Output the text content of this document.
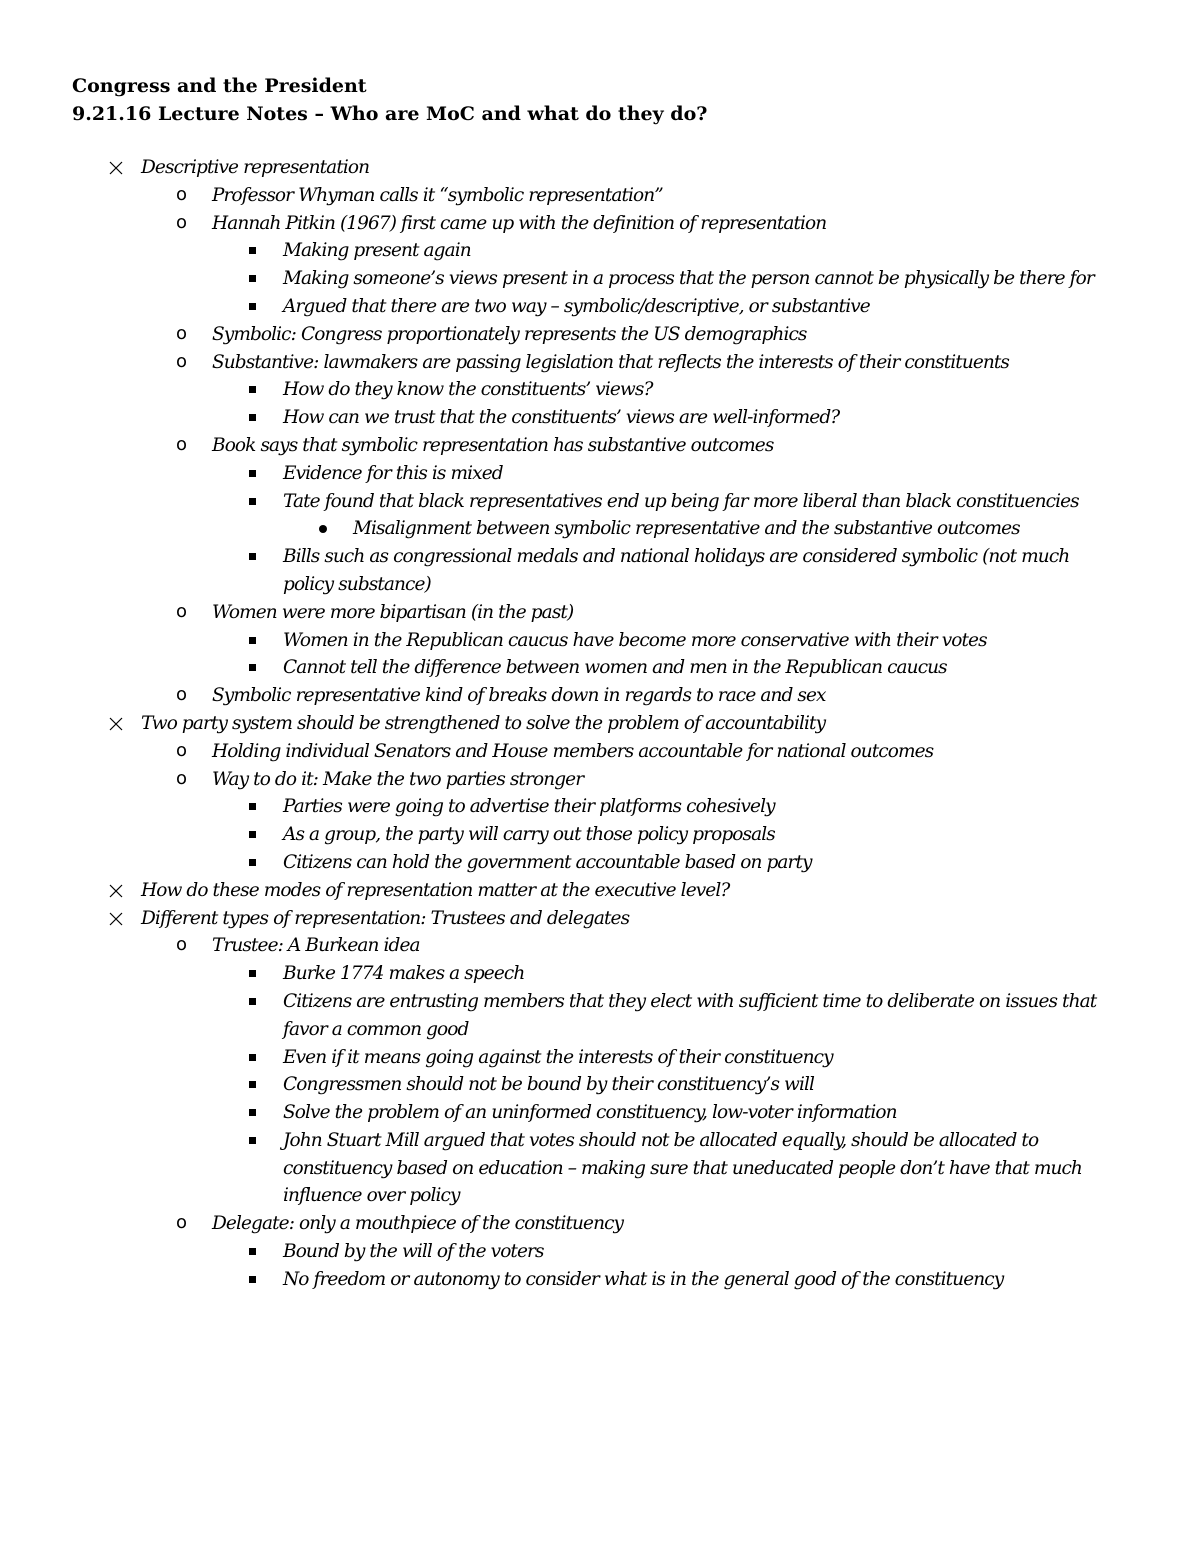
Congress and the President
9.21.16 Lecture Notes – Who are MoC and what do they do?
Descriptive representation
o Professor Whyman calls it “symbolic representation”
o Hannah Pitkin (1967) first came up with the definition of representation
Making present again
Making someone’s views present in a process that the person cannot be physically be there for
Argued that there are two way – symbolic/descriptive, or substantive
o Symbolic: Congress proportionately represents the US demographics
o Substantive: lawmakers are passing legislation that reflects the interests of their constituents
How do they know the constituents’ views?
How can we trust that the constituents’ views are well-informed?
o Book says that symbolic representation has substantive outcomes
Evidence for this is mixed
Tate found that black representatives end up being far more liberal than black constituencies
Misalignment between symbolic representative and the substantive outcomes
Bills such as congressional medals and national holidays are considered symbolic (not much policy substance)
o Women were more bipartisan (in the past)
Women in the Republican caucus have become more conservative with their votes
Cannot tell the difference between women and men in the Republican caucus
o Symbolic representative kind of breaks down in regards to race and sex
Two party system should be strengthened to solve the problem of accountability
o Holding individual Senators and House members accountable for national outcomes
o Way to do it: Make the two parties stronger
Parties were going to advertise their platforms cohesively
As a group, the party will carry out those policy proposals
Citizens can hold the government accountable based on party
How do these modes of representation matter at the executive level?
Different types of representation: Trustees and delegates
o Trustee: A Burkean idea
Burke 1774 makes a speech
Citizens are entrusting members that they elect with sufficient time to deliberate on issues that favor a common good
Even if it means going against the interests of their constituency
Congressmen should not be bound by their constituency’s will
Solve the problem of an uninformed constituency, low-voter information
John Stuart Mill argued that votes should not be allocated equally, should be allocated to constituency based on education – making sure that uneducated people don’t have that much influence over policy
o Delegate: only a mouthpiece of the constituency
Bound by the will of the voters
No freedom or autonomy to consider what is in the general good of the constituency
